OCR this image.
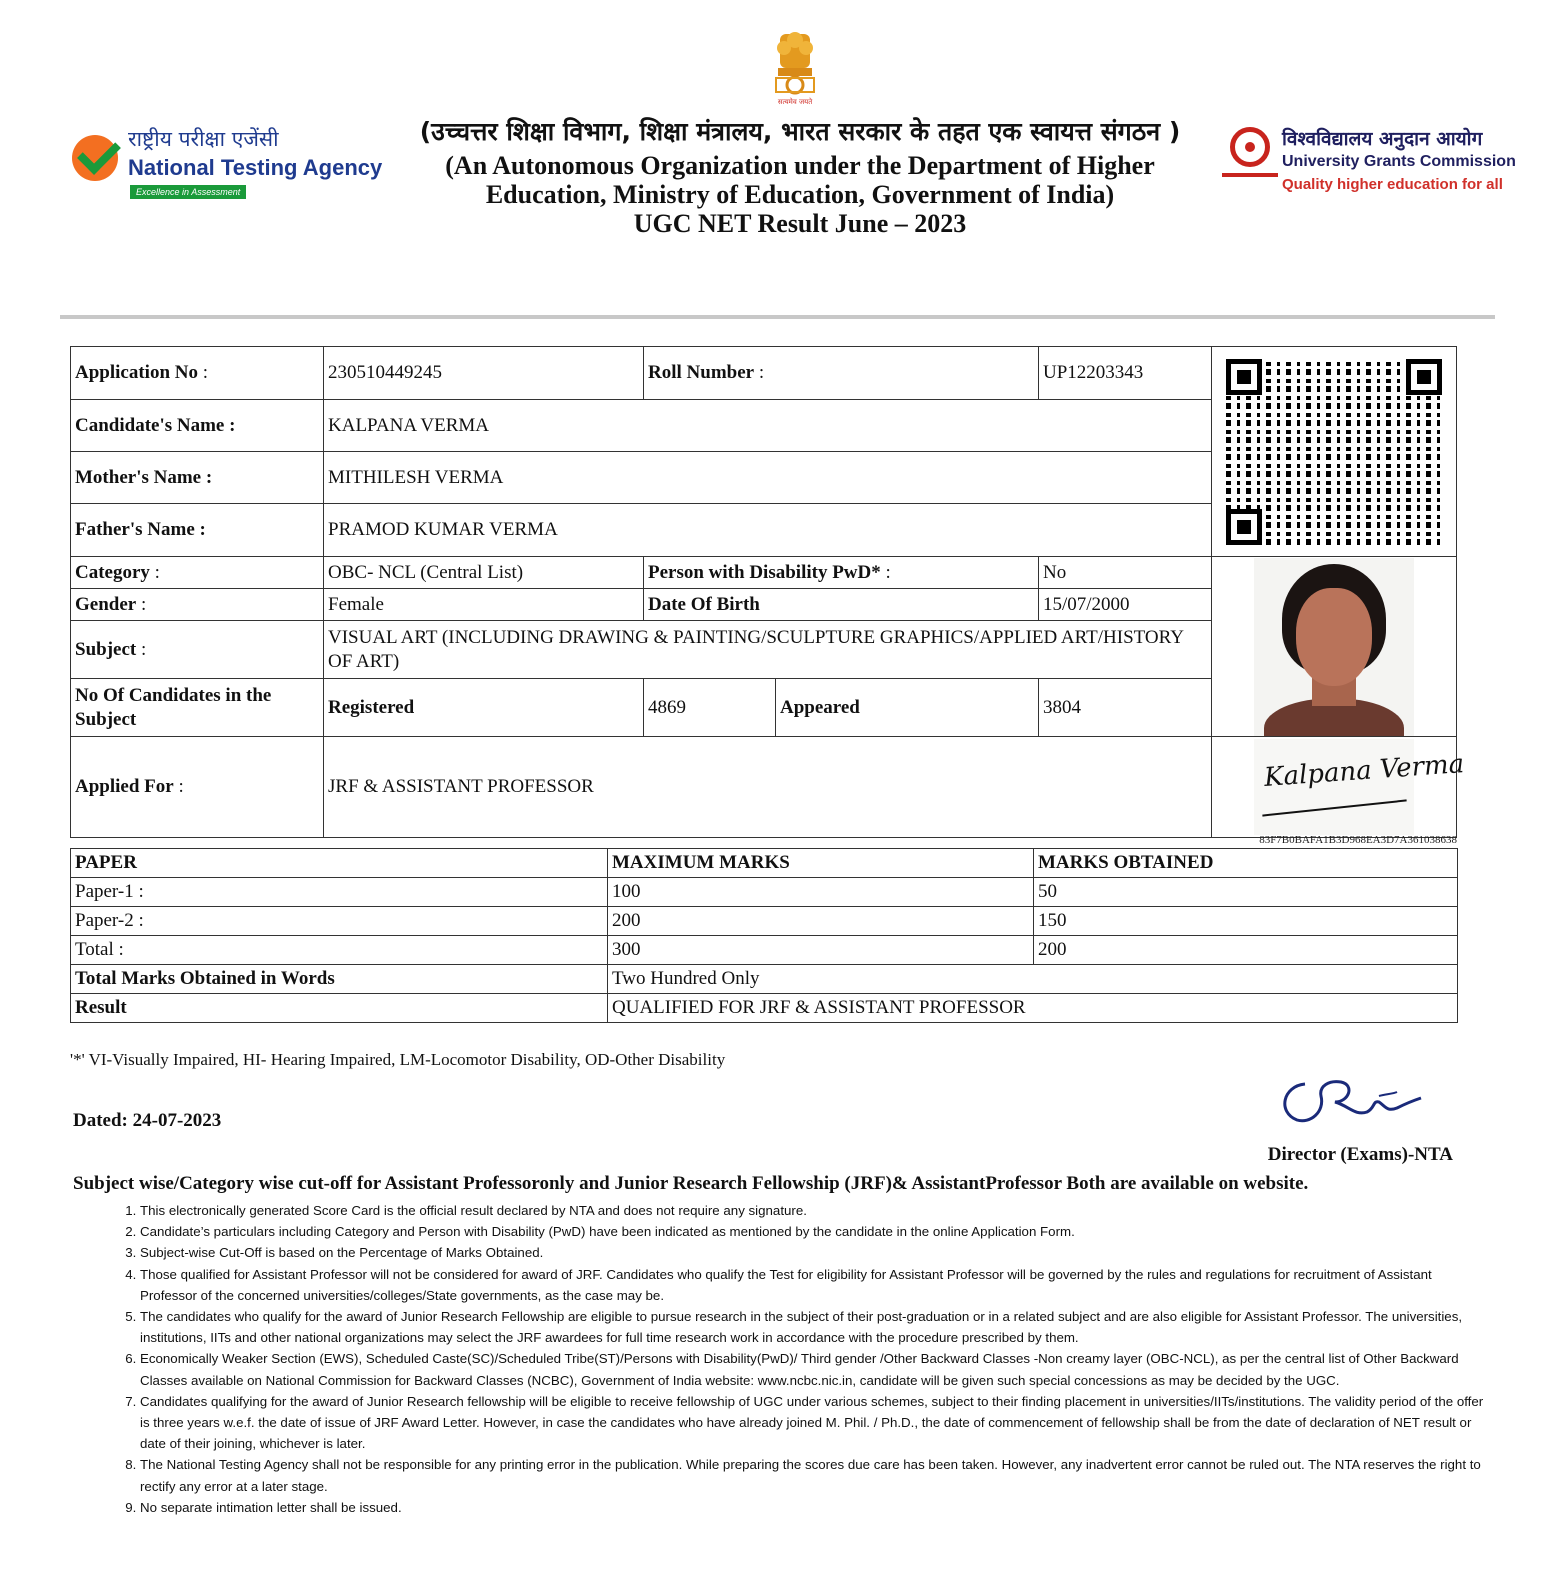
सत्यमेव जयते
राष्ट्रीय परीक्षा एजेंसी
National Testing Agency
Excellence in Assessment
(उच्चत्तर शिक्षा विभाग, शिक्षा मंत्रालय, भारत सरकार के तहत एक स्वायत्त संगठन )
(An Autonomous Organization under the Department of Higher Education, Ministry of Education, Government of India)
UGC NET Result June – 2023
विश्वविद्यालय अनुदान आयोग
University Grants Commission
Quality higher education for all
Application No :	230510449245	Roll Number :		UP12203343	

Candidate's Name :	KALPANA VERMA				
Mother's Name :	MITHILESH VERMA				
Father's Name :	PRAMOD KUMAR VERMA				
Category :	OBC- NCL (Central List)	Person with Disability PwD* :		No	

Gender :	Female	Date Of Birth		15/07/2000	
Subject :	VISUAL ART (INCLUDING DRAWING & PAINTING/SCULPTURE GRAPHICS/APPLIED ART/HISTORY OF ART)				
No Of Candidates in the Subject	Registered	4869	Appeared	3804	
Applied For :	JRF & ASSISTANT PROFESSOR				Kalpana Verma
83F7B0BAFA1B3D968EA3D7A361038638
PAPER	MAXIMUM MARKS	MARKS OBTAINED
Paper-1 :	100	50
Paper-2 :	200	150
Total :	300	200
Total Marks Obtained in Words	Two Hundred Only	
Result	QUALIFIED FOR JRF & ASSISTANT PROFESSOR	
'*' VI-Visually Impaired, HI- Hearing Impaired, LM-Locomotor Disability, OD-Other Disability
Dated: 24-07-2023
Director (Exams)-NTA
Subject wise/Category wise cut-off for Assistant Professoronly and Junior Research Fellowship (JRF)& AssistantProfessor Both are available on website.
1. This electronically generated Score Card is the official result declared by NTA and does not require any signature.
2. Candidate’s particulars including Category and Person with Disability (PwD) have been indicated as mentioned by the candidate in the online Application Form.
3. Subject-wise Cut-Off is based on the Percentage of Marks Obtained.
4. Those qualified for Assistant Professor will not be considered for award of JRF. Candidates who qualify the Test for eligibility for Assistant Professor will be governed by the rules and regulations for recruitment of Assistant Professor of the concerned universities/colleges/State governments, as the case may be.
5. The candidates who qualify for the award of Junior Research Fellowship are eligible to pursue research in the subject of their post-graduation or in a related subject and are also eligible for Assistant Professor. The universities, institutions, IITs and other national organizations may select the JRF awardees for full time research work in accordance with the procedure prescribed by them.
6. Economically Weaker Section (EWS), Scheduled Caste(SC)/Scheduled Tribe(ST)/Persons with Disability(PwD)/ Third gender /Other Backward Classes -Non creamy layer (OBC-NCL), as per the central list of Other Backward Classes available on National Commission for Backward Classes (NCBC), Government of India website: www.ncbc.nic.in, candidate will be given such special concessions as may be decided by the UGC.
7. Candidates qualifying for the award of Junior Research fellowship will be eligible to receive fellowship of UGC under various schemes, subject to their finding placement in universities/IITs/institutions. The validity period of the offer is three years w.e.f. the date of issue of JRF Award Letter. However, in case the candidates who have already joined M. Phil. / Ph.D., the date of commencement of fellowship shall be from the date of declaration of NET result or date of their joining, whichever is later.
8. The National Testing Agency shall not be responsible for any printing error in the publication. While preparing the scores due care has been taken. However, any inadvertent error cannot be ruled out. The NTA reserves the right to rectify any error at a later stage.
9. No separate intimation letter shall be issued.
